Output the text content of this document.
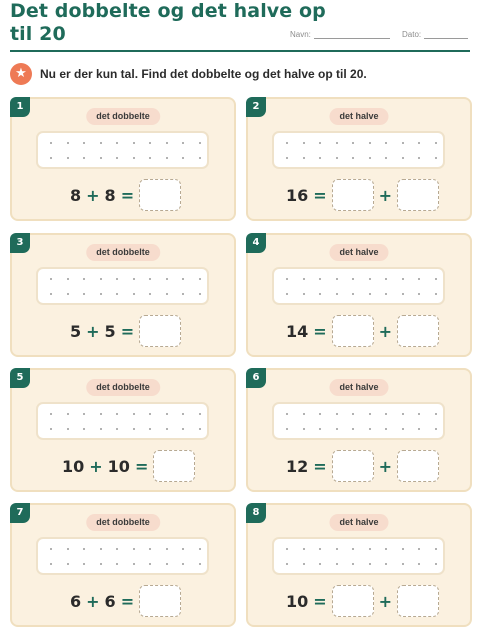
Det dobbelte og det halve op
til 20	Navn:	Dato:
★	Nu er der kun tal. Find det dobbelte og det halve op til 20.
1
det dobbelte
8 + 8 =
2
det halve
16 =	+
3
det dobbelte
5 + 5 =
4
det halve
14 =	+
5
det dobbelte
10 + 10 =
6
det halve
12 =	+
7
det dobbelte
6 + 6 =
8
det halve
10 =	+
